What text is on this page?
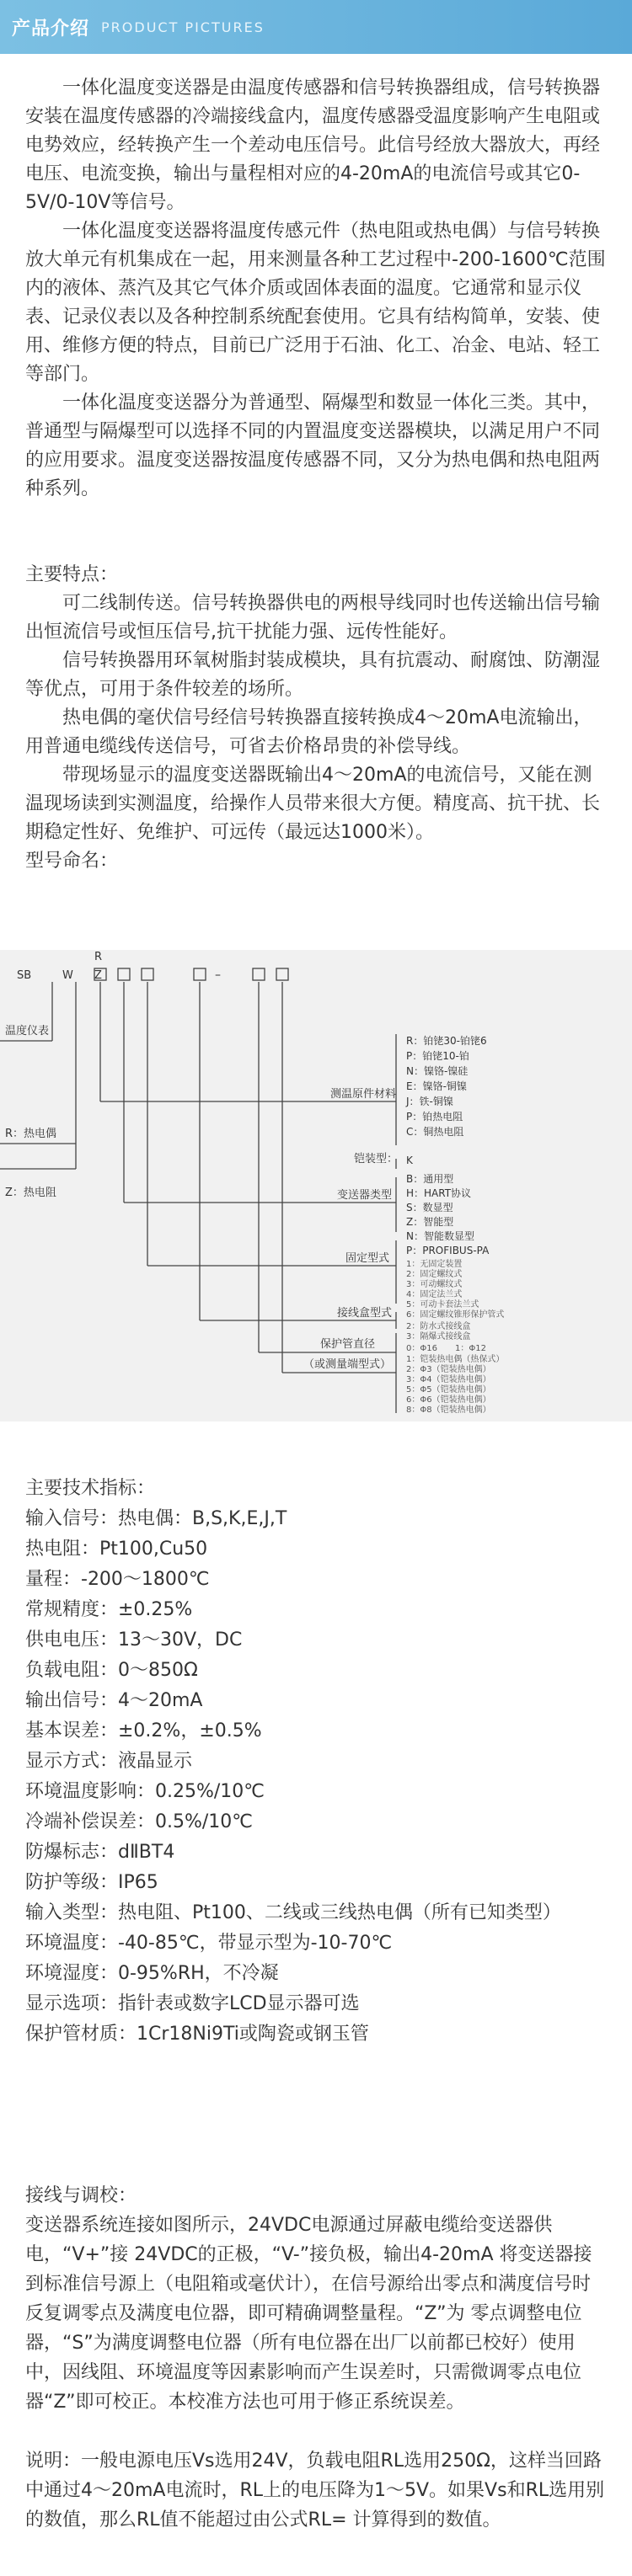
产品介绍 PRODUCT PICTURES

一体化温度变送器是由温度传感器和信号转换器组成，信号转换器安装在温度传感器的冷端接线盒内，温度传感器受温度影响产生电阻或电势效应，经转换产生一个差动电压信号。此信号经放大器放大，再经电压、电流变换，输出与量程相对应的4-20mA的电流信号或其它0-5V/0-10V等信号。

一体化温度变送器将温度传感元件（热电阻或热电偶）与信号转换放大单元有机集成在一起，用来测量各种工艺过程中-200-1600℃范围内的液体、蒸汽及其它气体介质或固体表面的温度。它通常和显示仪表、记录仪表以及各种控制系统配套使用。它具有结构简单，安装、使用、维修方便的特点，目前已广泛用于石油、化工、冶金、电站、轻工等部门。

一体化温度变送器分为普通型、隔爆型和数显一体化三类。其中，普通型与隔爆型可以选择不同的内置温度变送器模块，以满足用户不同的应用要求。温度变送器按温度传感器不同，又分为热电偶和热电阻两种系列。

主要特点：

可二线制传送。信号转换器供电的两根导线同时也传送输出信号输出恒流信号或恒压信号,抗干扰能力强、远传性能好。

信号转换器用环氧树脂封装成模块，具有抗震动、耐腐蚀、防潮湿等优点，可用于条件较差的场所。

热电偶的毫伏信号经信号转换器直接转换成4～20mA电流输出，用普通电缆线传送信号，可省去价格昂贵的补偿导线。

带现场显示的温度变送器既输出4～20mA的电流信号，又能在测温现场读到实测温度，给操作人员带来很大方便。精度高、抗干扰、长期稳定性好、免维护、可远传（最远达1000米）。

型号命名：

SB	W
R
Z	–
温度仪表
R：热电偶
Z：热电阻
测温原件材料
铠装型：
变送器类型
固定型式
接线盒型式
保护管直径
（或测量端型式）
R：铂铑30-铂铑6
P：铂铑10-铂
N：镍铬-镍硅
E：镍铬-铜镍
J：铁-铜镍
P：铂热电阻
C：铜热电阻
K
B：通用型
H：HART协议
S：数显型
Z：智能型
N：智能数显型
P：PROFIBUS-PA
1：无固定装置
2：固定螺纹式
3：可动螺纹式
4：固定法兰式
5：可动卡套法兰式
6：固定螺纹锥形保护管式
2：防水式接线盒
3：隔爆式接线盒
0：Φ16 1：Φ12
1：铠装热电偶（热保式）
2：Φ3（铠装热电偶）
3：Φ4（铠装热电偶）
5：Φ5（铠装热电偶）
6：Φ6（铠装热电偶）
8：Φ8（铠装热电偶）

主要技术指标：

输入信号：热电偶：B,S,K,E,J,T

热电阻：Pt100,Cu50

量程：-200～1800℃

常规精度：±0.25%

供电电压：13～30V，DC

负载电阻：0～850Ω

输出信号：4～20mA

基本误差：±0.2%，±0.5%

显示方式：液晶显示

环境温度影响：0.25%/10℃

冷端补偿误差：0.5%/10℃

防爆标志：dⅡBT4

防护等级：IP65

输入类型：热电阻、Pt100、二线或三线热电偶（所有已知类型）

环境温度：-40-85℃，带显示型为-10-70℃

环境湿度：0-95%RH，不冷凝

显示选项：指针表或数字LCD显示器可选

保护管材质：1Cr18Ni9Ti或陶瓷或钢玉管

接线与调校：

变送器系统连接如图所示，24VDC电源通过屏蔽电缆给变送器供电，“V+”接 24VDC的正极，“V-”接负极，输出4-20mA 将变送器接到标准信号源上（电阻箱或毫伏计），在信号源给出零点和满度信号时反复调零点及满度电位器，即可精确调整量程。“Z”为 零点调整电位器，“S”为满度调整电位器（所有电位器在出厂以前都已校好）使用中，因线阻、环境温度等因素影响而产生误差时，只需微调零点电位器“Z”即可校正。本校准方法也可用于修正系统误差。

说明：一般电源电压Vs选用24V，负载电阻RL选用250Ω，这样当回路中通过4～20mA电流时，RL上的电压降为1～5V。如果Vs和RL选用别的数值，那么RL值不能超过由公式RL= 计算得到的数值。
